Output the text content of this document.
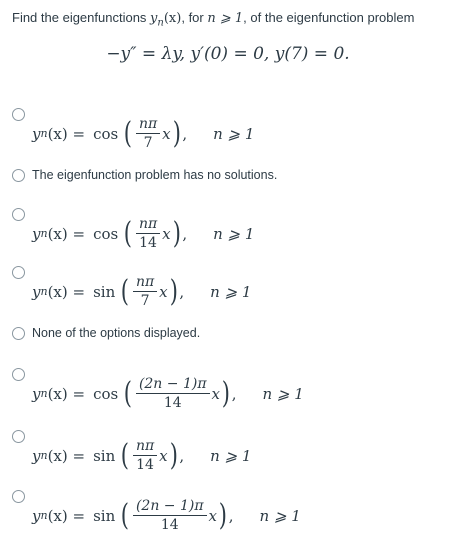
Find the eigenfunctions $y_n(x)$, for n ⩾ 1, of the eigenfunction problem
−y″ = λy, y′(0) = 0, y(7) = 0.
y n (x) = cos ( $\frac{n\pi}{7}$ x ) , n ⩾ 1
The eigenfunction problem has no solutions.
y n (x) = cos ( $\frac{n\pi}{14}$ x ) , n ⩾ 1
y n (x) = sin ( $\frac{n\pi}{7}$ x ) , n ⩾ 1
None of the options displayed.
y n (x) = cos ( $\frac{(2n - 1)\pi}{14}$ x ) , n ⩾ 1
y n (x) = sin ( $\frac{n\pi}{14}$ x ) , n ⩾ 1
y n (x) = sin ( $\frac{(2n - 1)\pi}{14}$ x ) , n ⩾ 1
